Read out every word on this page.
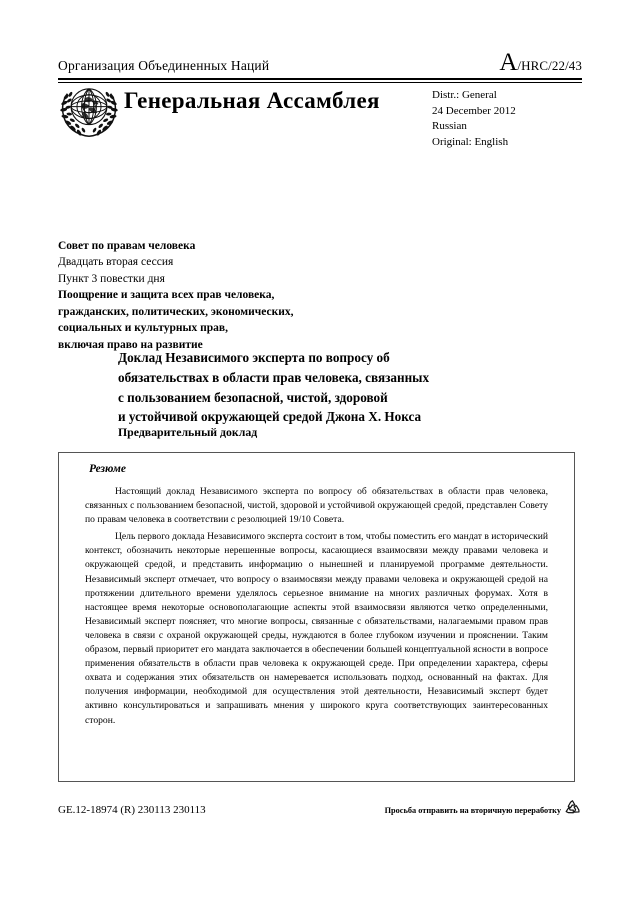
Организация Объединенных Наций	A/HRC/22/43
Генеральная Ассамблея	Distr.: General
24 December 2012
Russian
Original: English
Совет по правам человека
Двадцать вторая сессия
Пункт 3 повестки дня
Поощрение и защита всех прав человека,
гражданских, политических, экономических,
социальных и культурных прав,
включая право на развитие
Доклад Независимого эксперта по вопросу об
обязательствах в области прав человека, связанных
с пользованием безопасной, чистой, здоровой
и устойчивой окружающей средой Джона Х. Нокса
Предварительный доклад
Резюме

Настоящий доклад Независимого эксперта по вопросу об обязательствах в области прав человека, связанных с пользованием безопасной, чистой, здоровой и устойчивой окружающей средой, представлен Совету по правам человека в соответствии с резолюцией 19/10 Совета.

Цель первого доклада Независимого эксперта состоит в том, чтобы поместить его мандат в исторический контекст, обозначить некоторые нерешенные вопросы, касающиеся взаимосвязи между правами человека и окружающей средой, и представить информацию о нынешней и планируемой программе деятельности. Независимый эксперт отмечает, что вопросу о взаимосвязи между правами человека и окружающей средой на протяжении длительного времени уделялось серьезное внимание на многих различных форумах. Хотя в настоящее время некоторые основополагающие аспекты этой взаимосвязи являются четко определенными, Независимый эксперт поясняет, что многие вопросы, связанные с обязательствами, налагаемыми правом прав человека в связи с охраной окружающей среды, нуждаются в более глубоком изучении и прояснении. Таким образом, первый приоритет его мандата заключается в обеспечении большей концептуальной ясности в вопросе применения обязательств в области прав человека к окружающей среде. При определении характера, сферы охвата и содержания этих обязательств он намеревается использовать подход, основанный на фактах. Для получения информации, необходимой для осуществления этой деятельности, Независимый эксперт будет активно консультироваться и запрашивать мнения у широкого круга соответствующих заинтересованных сторон.

GE.12-18974 (R) 230113 230113	Просьба отправить на вторичную переработку
